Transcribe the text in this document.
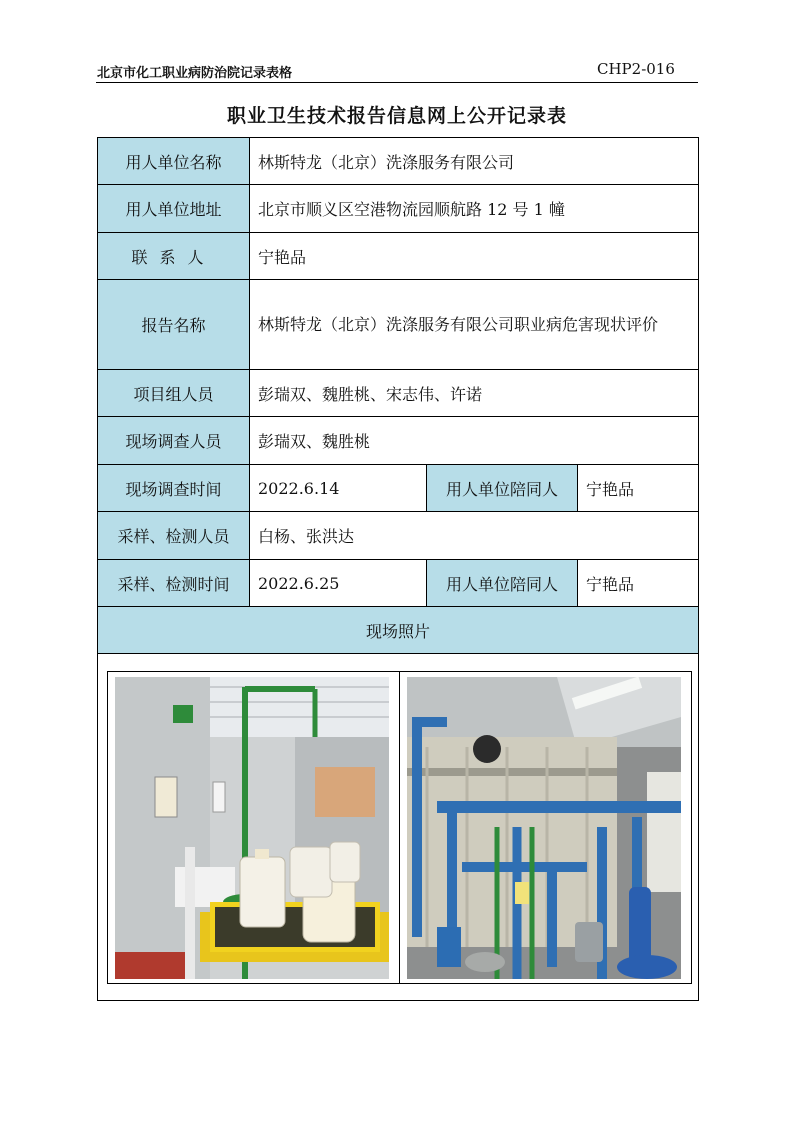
北京市化工职业病防治院记录表格	CHP2-016
职业卫生技术报告信息网上公开记录表
用人单位名称	林斯特龙（北京）洗涤服务有限公司		
用人单位地址	北京市顺义区空港物流园顺航路 12 号 1 幢		
联系人	宁艳品		
报告名称	林斯特龙（北京）洗涤服务有限公司职业病危害现状评价		
项目组人员	彭瑞双、魏胜桃、宋志伟、许诺		
现场调查人员	彭瑞双、魏胜桃		
现场调查时间	2022.6.14	用人单位陪同人	宁艳品
采样、检测人员	白杨、张洪达		
采样、检测时间	2022.6.25	用人单位陪同人	宁艳品
现场照片			
